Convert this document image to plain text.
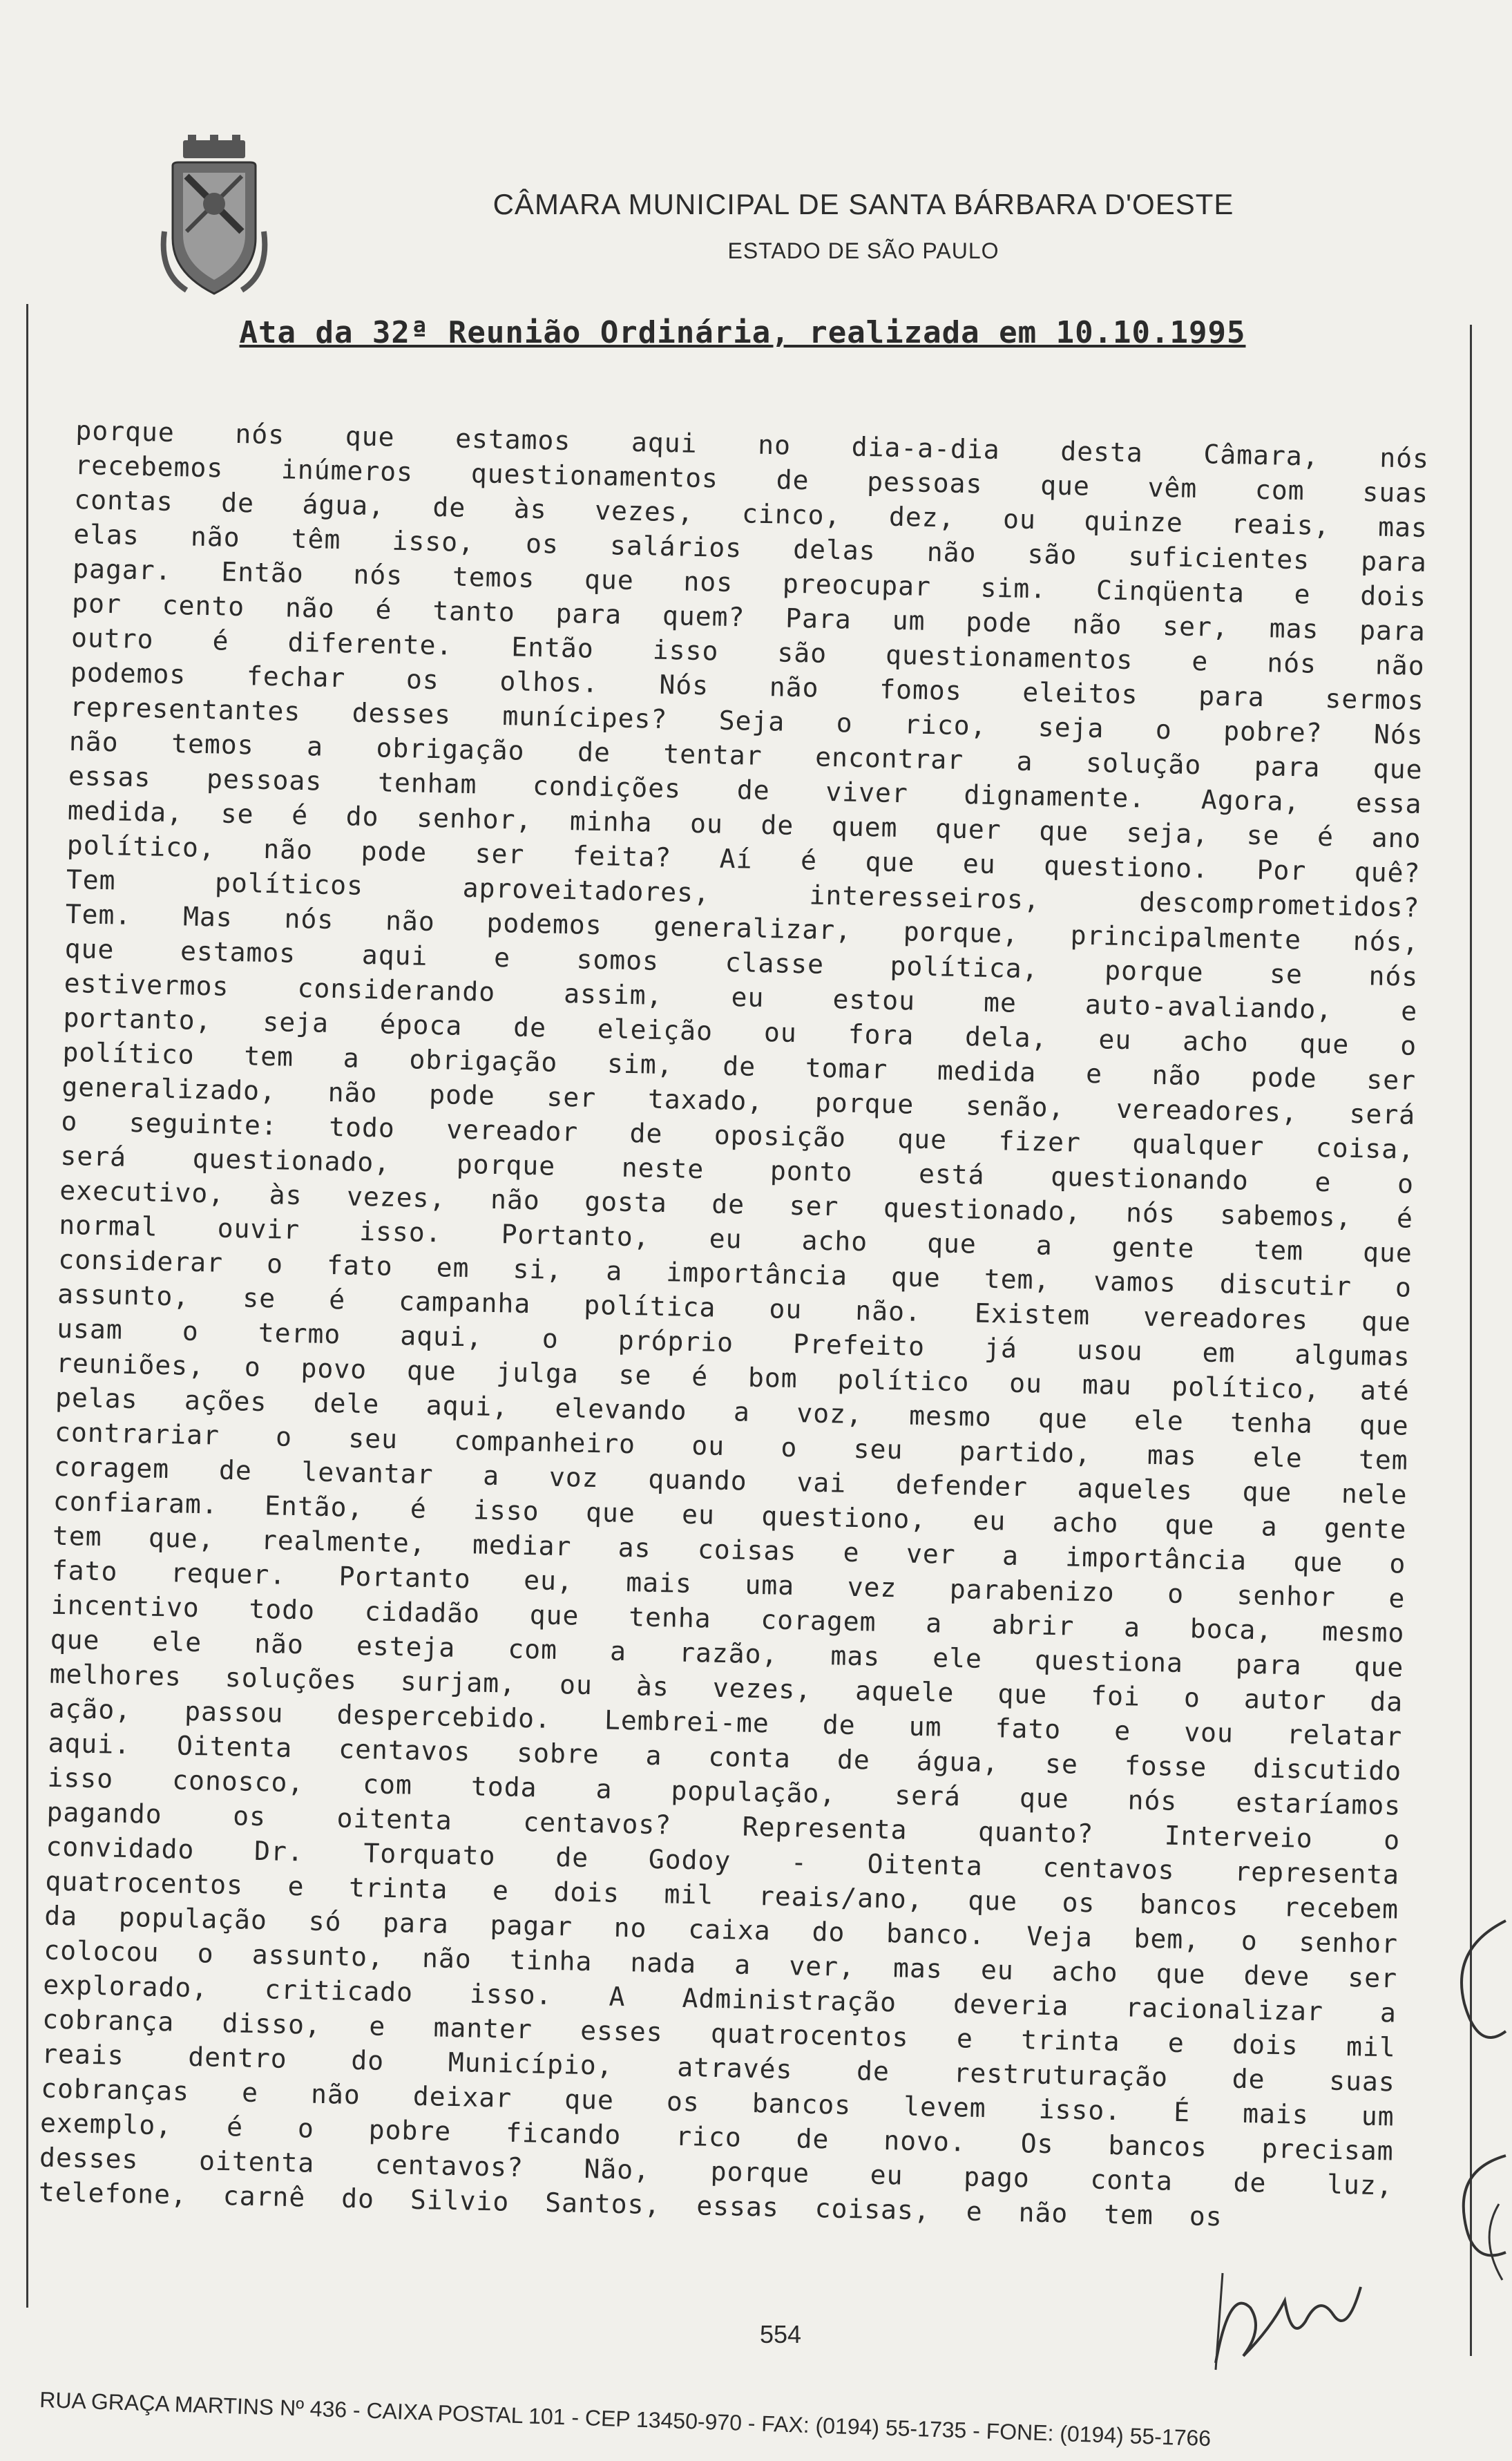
CÂMARA MUNICIPAL DE SANTA BÁRBARA D'OESTE
ESTADO DE SÃO PAULO
Ata da 32ª Reunião Ordinária, realizada em 10.10.1995
porque nós que estamos aqui no dia-a-dia desta Câmara, nós
recebemos inúmeros questionamentos de pessoas que vêm com suas
contas de água, de às vezes, cinco, dez, ou quinze reais, mas
elas não têm isso, os salários delas não são suficientes para
pagar. Então nós temos que nos preocupar sim. Cinqüenta e dois
por cento não é tanto para quem? Para um pode não ser, mas para
outro é diferente. Então isso são questionamentos e nós não
podemos fechar os olhos. Nós não fomos eleitos para sermos
representantes desses munícipes? Seja o rico, seja o pobre? Nós
não temos a obrigação de tentar encontrar a solução para que
essas pessoas tenham condições de viver dignamente. Agora, essa
medida, se é do senhor, minha ou de quem quer que seja, se é ano
político, não pode ser feita? Aí é que eu questiono. Por quê?
Tem	políticos	aproveitadores,	interesseiros,	descomprometidos?
Tem. Mas nós não podemos generalizar, porque, principalmente nós,
que estamos aqui e somos classe política, porque se nós
estivermos	considerando	assim,	eu	estou	me	auto-avaliando,	e
portanto, seja época de eleição ou fora dela, eu acho que o
político tem a obrigação sim, de tomar medida e não pode ser
generalizado, não pode ser taxado, porque senão, vereadores, será
o seguinte: todo vereador de oposição que fizer qualquer coisa,
será questionado, porque neste ponto está questionando e o
executivo, às vezes, não gosta de ser questionado, nós sabemos, é
normal ouvir isso. Portanto, eu acho que a gente tem que
considerar o fato em si, a importância que tem, vamos discutir o
assunto, se é campanha política ou não. Existem vereadores que
usam o termo aqui, o próprio Prefeito já usou em algumas
reuniões, o povo que julga se é bom político ou mau político, até
pelas ações dele aqui, elevando a voz, mesmo que ele tenha que
contrariar o seu companheiro ou o seu partido, mas ele tem
coragem de levantar a voz quando vai defender aqueles que nele
confiaram. Então, é isso que eu questiono, eu acho que a gente
tem que, realmente, mediar as coisas e ver a importância que o
fato requer. Portanto eu, mais uma vez parabenizo o senhor e
incentivo todo cidadão que tenha coragem a abrir a boca, mesmo
que ele não esteja com a razão, mas ele questiona para que
melhores soluções surjam, ou às vezes, aquele que foi o autor da
ação, passou despercebido. Lembrei-me de um fato e vou relatar
aqui. Oitenta centavos sobre a conta de água, se fosse discutido
isso conosco, com toda a população, será que nós estaríamos
pagando	os	oitenta	centavos?	Representa	quanto?	Interveio	o
convidado Dr. Torquato de Godoy - Oitenta centavos representa
quatrocentos e trinta e dois mil reais/ano, que os bancos recebem
da população só para pagar no caixa do banco. Veja bem, o senhor
colocou o assunto, não tinha nada a ver, mas eu acho que deve ser
explorado, criticado isso. A Administração deveria racionalizar a
cobrança disso, e manter esses quatrocentos e trinta e dois mil
reais dentro do Município, através de restruturação de suas
cobranças e não deixar que os bancos levem isso. É mais um
exemplo, é o pobre ficando rico de novo. Os bancos precisam
desses oitenta centavos? Não, porque eu pago conta de luz,
telefone, carnê do Silvio Santos, essas coisas, e não tem os
554
RUA GRAÇA MARTINS Nº 436 - CAIXA POSTAL 101 - CEP 13450-970 - FAX: (0194) 55-1735 - FONE: (0194) 55-1766
